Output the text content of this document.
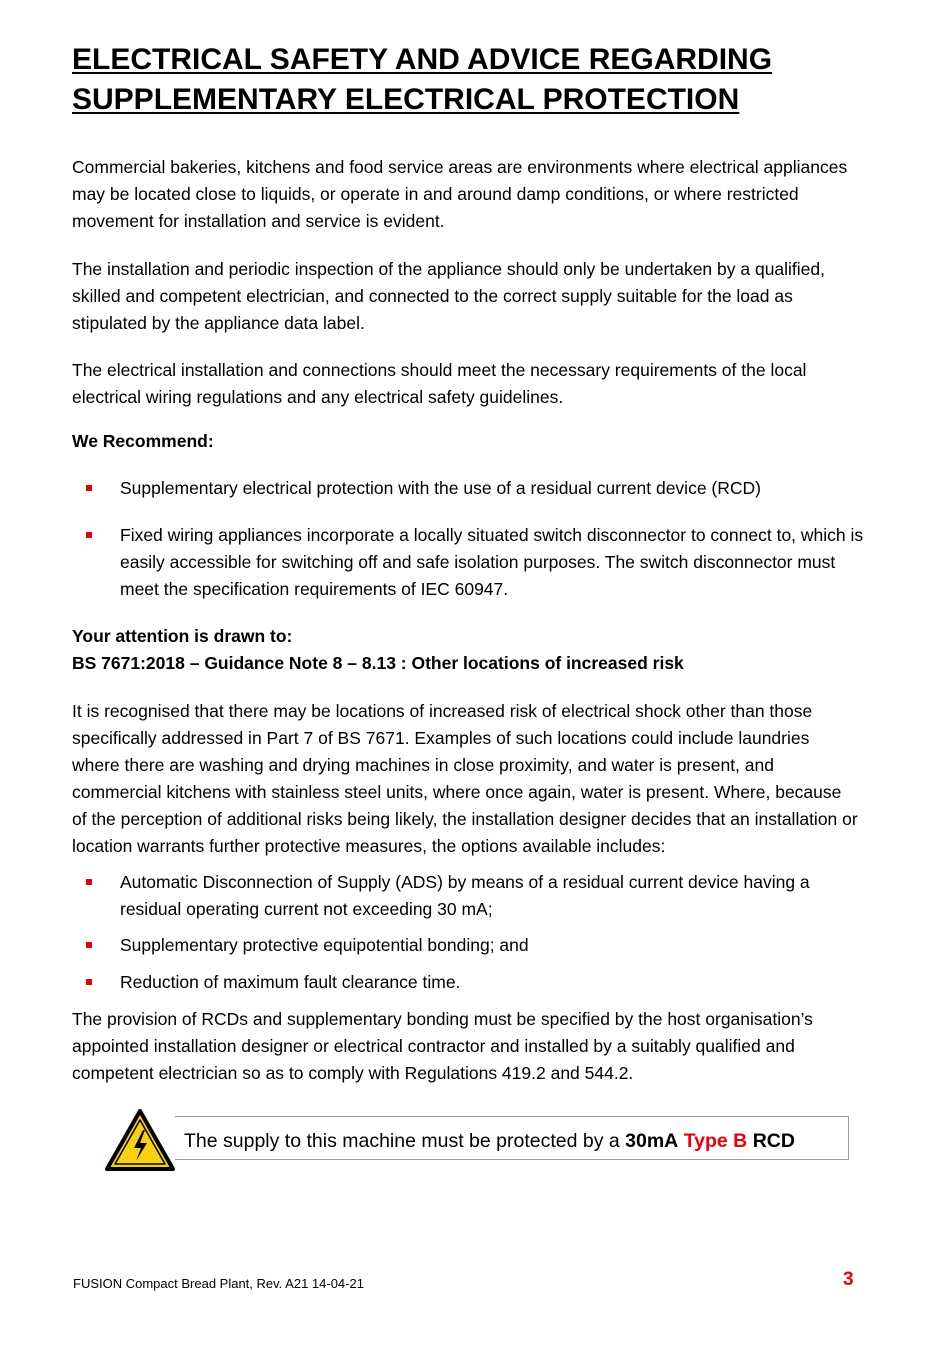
ELECTRICAL SAFETY AND ADVICE REGARDING
SUPPLEMENTARY ELECTRICAL PROTECTION
Commercial bakeries, kitchens and food service areas are environments where electrical appliances
may be located close to liquids, or operate in and around damp conditions, or where restricted
movement for installation and service is evident.
The installation and periodic inspection of the appliance should only be undertaken by a qualified,
skilled and competent electrician, and connected to the correct supply suitable for the load as
stipulated by the appliance data label.
The electrical installation and connections should meet the necessary requirements of the local
electrical wiring regulations and any electrical safety guidelines.
We Recommend:
Supplementary electrical protection with the use of a residual current device (RCD)
Fixed wiring appliances incorporate a locally situated switch disconnector to connect to, which is
easily accessible for switching off and safe isolation purposes. The switch disconnector must
meet the specification requirements of IEC 60947.
Your attention is drawn to:
BS 7671:2018 – Guidance Note 8 – 8.13 : Other locations of increased risk
It is recognised that there may be locations of increased risk of electrical shock other than those
specifically addressed in Part 7 of BS 7671. Examples of such locations could include laundries
where there are washing and drying machines in close proximity, and water is present, and
commercial kitchens with stainless steel units, where once again, water is present. Where, because
of the perception of additional risks being likely, the installation designer decides that an installation or
location warrants further protective measures, the options available includes:
Automatic Disconnection of Supply (ADS) by means of a residual current device having a
residual operating current not exceeding 30 mA;
Supplementary protective equipotential bonding; and
Reduction of maximum fault clearance time.
The provision of RCDs and supplementary bonding must be specified by the host organisation’s
appointed installation designer or electrical contractor and installed by a suitably qualified and
competent electrician so as to comply with Regulations 419.2 and 544.2.
The supply to this machine must be protected by a 30mA Type B RCD
FUSION Compact Bread Plant, Rev. A21 14-04-21	3
